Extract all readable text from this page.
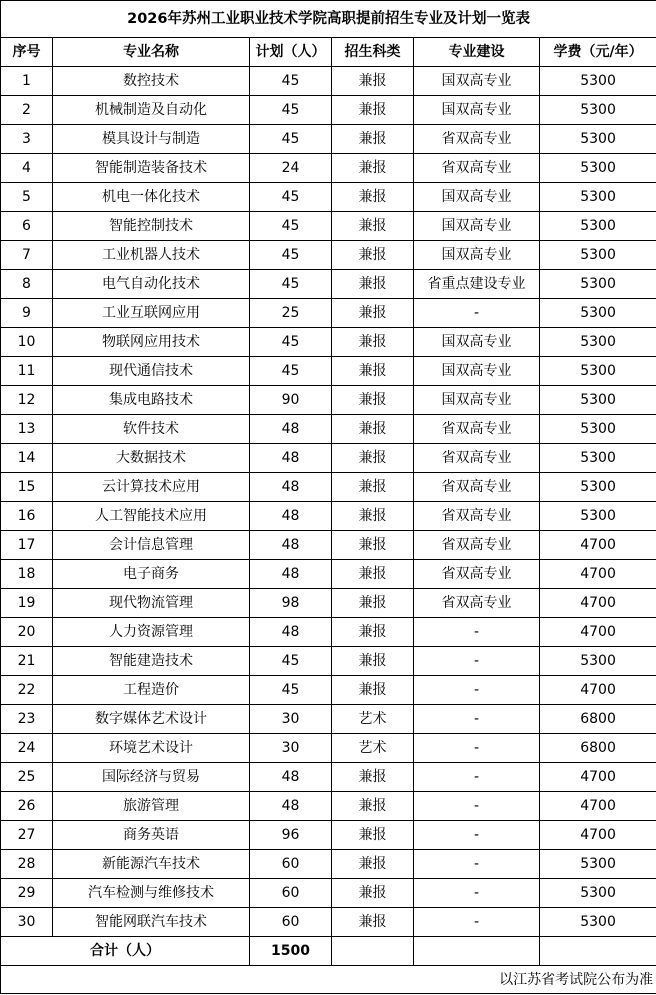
2026年苏州工业职业技术学院高职提前招生专业及计划一览表					
序号	专业名称	计划（人）	招生科类	专业建设	学费（元/年）
1	数控技术	45	兼报	国双高专业	5300
2	机械制造及自动化	45	兼报	国双高专业	5300
3	模具设计与制造	45	兼报	省双高专业	5300
4	智能制造装备技术	24	兼报	省双高专业	5300
5	机电一体化技术	45	兼报	国双高专业	5300
6	智能控制技术	45	兼报	国双高专业	5300
7	工业机器人技术	45	兼报	国双高专业	5300
8	电气自动化技术	45	兼报	省重点建设专业	5300
9	工业互联网应用	25	兼报	-	5300
10	物联网应用技术	45	兼报	国双高专业	5300
11	现代通信技术	45	兼报	国双高专业	5300
12	集成电路技术	90	兼报	国双高专业	5300
13	软件技术	48	兼报	省双高专业	5300
14	大数据技术	48	兼报	省双高专业	5300
15	云计算技术应用	48	兼报	省双高专业	5300
16	人工智能技术应用	48	兼报	省双高专业	5300
17	会计信息管理	48	兼报	省双高专业	4700
18	电子商务	48	兼报	省双高专业	4700
19	现代物流管理	98	兼报	省双高专业	4700
20	人力资源管理	48	兼报	-	4700
21	智能建造技术	45	兼报	-	5300
22	工程造价	45	兼报	-	4700
23	数字媒体艺术设计	30	艺术	-	6800
24	环境艺术设计	30	艺术	-	6800
25	国际经济与贸易	48	兼报	-	4700
26	旅游管理	48	兼报	-	4700
27	商务英语	96	兼报	-	4700
28	新能源汽车技术	60	兼报	-	5300
29	汽车检测与维修技术	60	兼报	-	5300
30	智能网联汽车技术	60	兼报	-	5300
合计（人）		1500			
以江苏省考试院公布为准					
